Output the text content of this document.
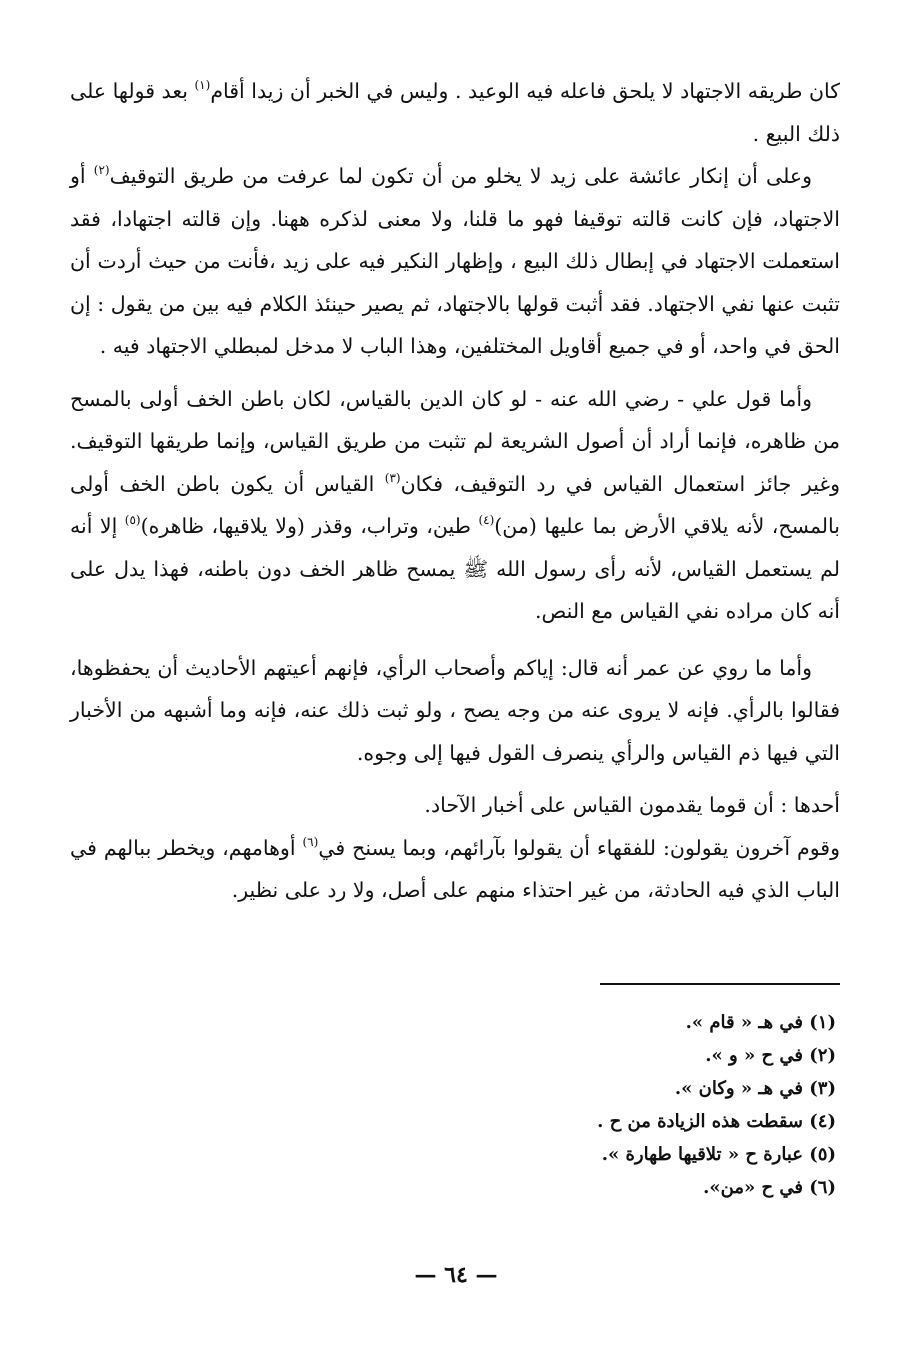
كان طريقه الاجتهاد لا يلحق فاعله فيه الوعيد . وليس في الخبر أن زيدا أقام$^{(١)}$ بعد قولها على ذلك البيع .

وعلى أن إنكار عائشة على زيد لا يخلو من أن تكون لما عرفت من طريق التوقيف$^{(٢)}$ أو الاجتهاد، فإن كانت قالته توقيفا فهو ما قلنا، ولا معنى لذكره ههنا. وإن قالته اجتهادا، فقد استعملت الاجتهاد في إبطال ذلك البيع ، وإظهار النكير فيه على زيد ،فأنت من حيث أردت أن تثبت عنها نفي الاجتهاد. فقد أثبت قولها بالاجتهاد، ثم يصير حينئذ الكلام فيه بين من يقول : إن الحق في واحد، أو في جميع أقاويل المختلفين، وهذا الباب لا مدخل لمبطلي الاجتهاد فيه .

وأما قول علي - رضي الله عنه - لو كان الدين بالقياس، لكان باطن الخف أولى بالمسح من ظاهره، فإنما أراد أن أصول الشريعة لم تثبت من طريق القياس، وإنما طريقها التوقيف. وغير جائز استعمال القياس في رد التوقيف، فكان$^{(٣)}$ القياس أن يكون باطن الخف أولى بالمسح، لأنه يلاقي الأرض بما عليها (من)$^{(٤)}$ طين، وتراب، وقذر (ولا يلاقيها، ظاهره)$^{(٥)}$ إلا أنه لم يستعمل القياس، لأنه رأى رسول الله ﷺ يمسح ظاهر الخف دون باطنه، فهذا يدل على أنه كان مراده نفي القياس مع النص.

وأما ما روي عن عمر أنه قال: إياكم وأصحاب الرأي، فإنهم أعيتهم الأحاديث أن يحفظوها، فقالوا بالرأي. فإنه لا يروى عنه من وجه يصح ، ولو ثبت ذلك عنه، فإنه وما أشبهه من الأخبار التي فيها ذم القياس والرأي ينصرف القول فيها إلى وجوه.

أحدها : أن قوما يقدمون القياس على أخبار الآحاد.

وقوم آخرون يقولون: للفقهاء أن يقولوا بآرائهم، وبما يسنح في$^{(٦)}$ أوهامهم، ويخطر ببالهم في الباب الذي فيه الحادثة، من غير احتذاء منهم على أصل، ولا رد على نظير.

(١) في هـ « قام ».

(٢) في ح « و ».

(٣) في هـ « وكان ».

(٤) سقطت هذه الزيادة من ح .

(٥) عبارة ح « تلاقيها طهارة ».

(٦) في ح «من».

— ٦٤ —
